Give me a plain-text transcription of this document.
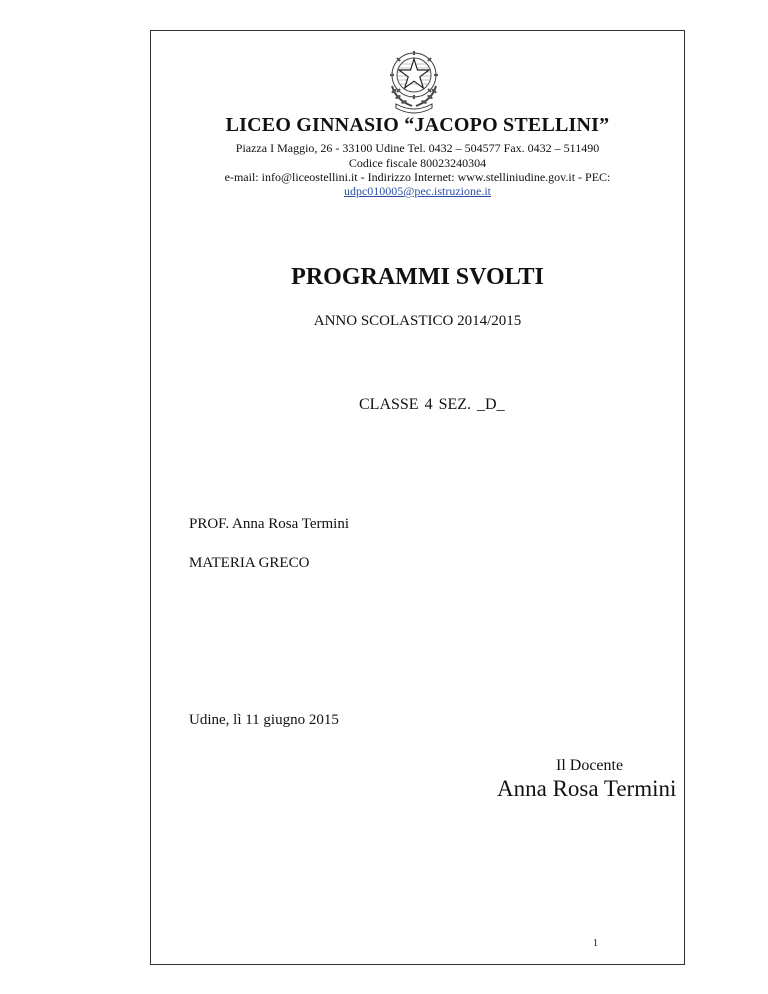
LICEO GINNASIO “JACOPO STELLINI”
Piazza I Maggio, 26 - 33100 Udine Tel. 0432 – 504577 Fax. 0432 – 511490
Codice fiscale 80023240304
e-mail: info@liceostellini.it - Indirizzo Internet: www.stelliniudine.gov.it - PEC:
udpc010005@pec.istruzione.it
PROGRAMMI SVOLTI
ANNO SCOLASTICO 2014/2015
CLASSE 4 SEZ. _D_
PROF. Anna Rosa Termini
MATERIA GRECO
Udine, lì 11 giugno 2015
Il Docente
Anna Rosa Termini
1
